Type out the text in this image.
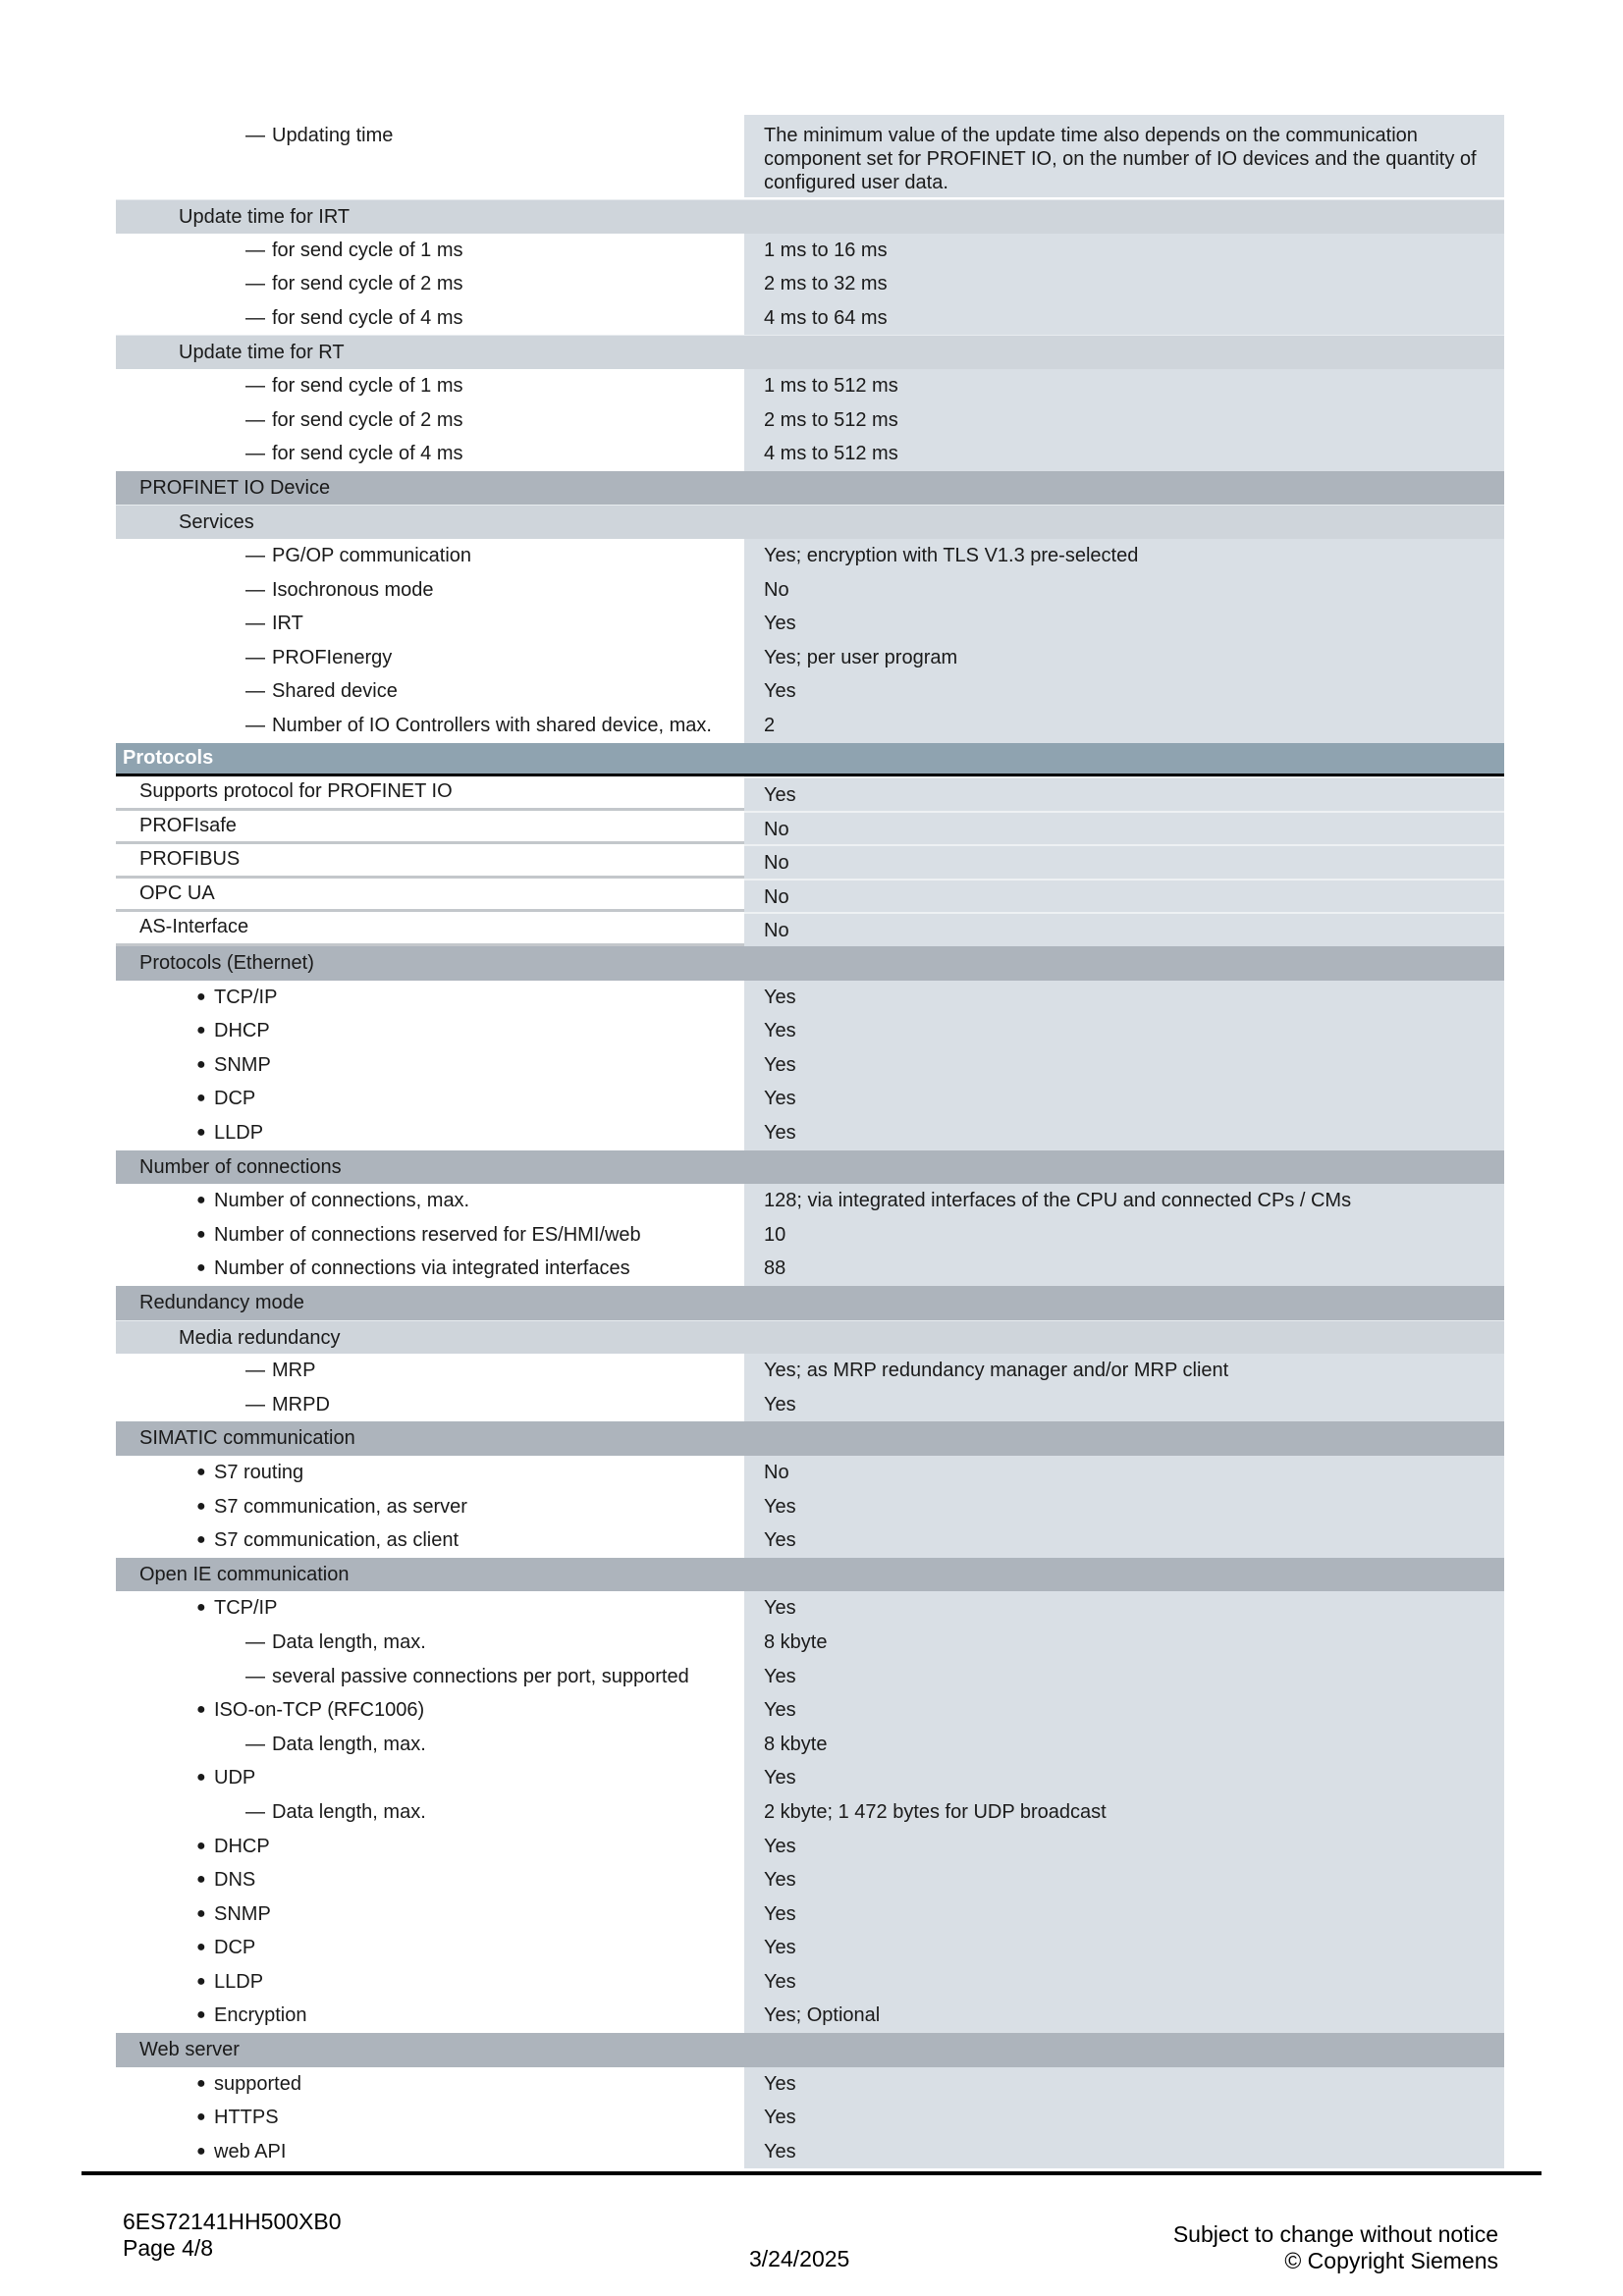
— Updating time	The minimum value of the update time also depends on the communication component set for PROFINET IO, on the number of IO devices and the quantity of configured user data.
Update time for IRT
— for send cycle of 1 ms	1 ms to 16 ms
— for send cycle of 2 ms	2 ms to 32 ms
— for send cycle of 4 ms	4 ms to 64 ms
Update time for RT
— for send cycle of 1 ms	1 ms to 512 ms
— for send cycle of 2 ms	2 ms to 512 ms
— for send cycle of 4 ms	4 ms to 512 ms
PROFINET IO Device
Services
— PG/OP communication	Yes; encryption with TLS V1.3 pre-selected
— Isochronous mode	No
— IRT	Yes
— PROFIenergy	Yes; per user program
— Shared device	Yes
— Number of IO Controllers with shared device, max.	2
Protocols
Supports protocol for PROFINET IO	Yes
PROFIsafe	No
PROFIBUS	No
OPC UA	No
AS-Interface	No
Protocols (Ethernet)
● TCP/IP	Yes
● DHCP	Yes
● SNMP	Yes
● DCP	Yes
● LLDP	Yes
Number of connections
● Number of connections, max.	128; via integrated interfaces of the CPU and connected CPs / CMs
● Number of connections reserved for ES/HMI/web	10
● Number of connections via integrated interfaces	88
Redundancy mode
Media redundancy
— MRP	Yes; as MRP redundancy manager and/or MRP client
— MRPD	Yes
SIMATIC communication
● S7 routing	No
● S7 communication, as server	Yes
● S7 communication, as client	Yes
Open IE communication
● TCP/IP	Yes
— Data length, max.	8 kbyte
— several passive connections per port, supported	Yes
● ISO-on-TCP (RFC1006)	Yes
— Data length, max.	8 kbyte
● UDP	Yes
— Data length, max.	2 kbyte; 1 472 bytes for UDP broadcast
● DHCP	Yes
● DNS	Yes
● SNMP	Yes
● DCP	Yes
● LLDP	Yes
● Encryption	Yes; Optional
Web server
● supported	Yes
● HTTPS	Yes
● web API	Yes
6ES72141HH500XB0
Page 4/8	3/24/2025
Subject to change without notice
© Copyright Siemens
